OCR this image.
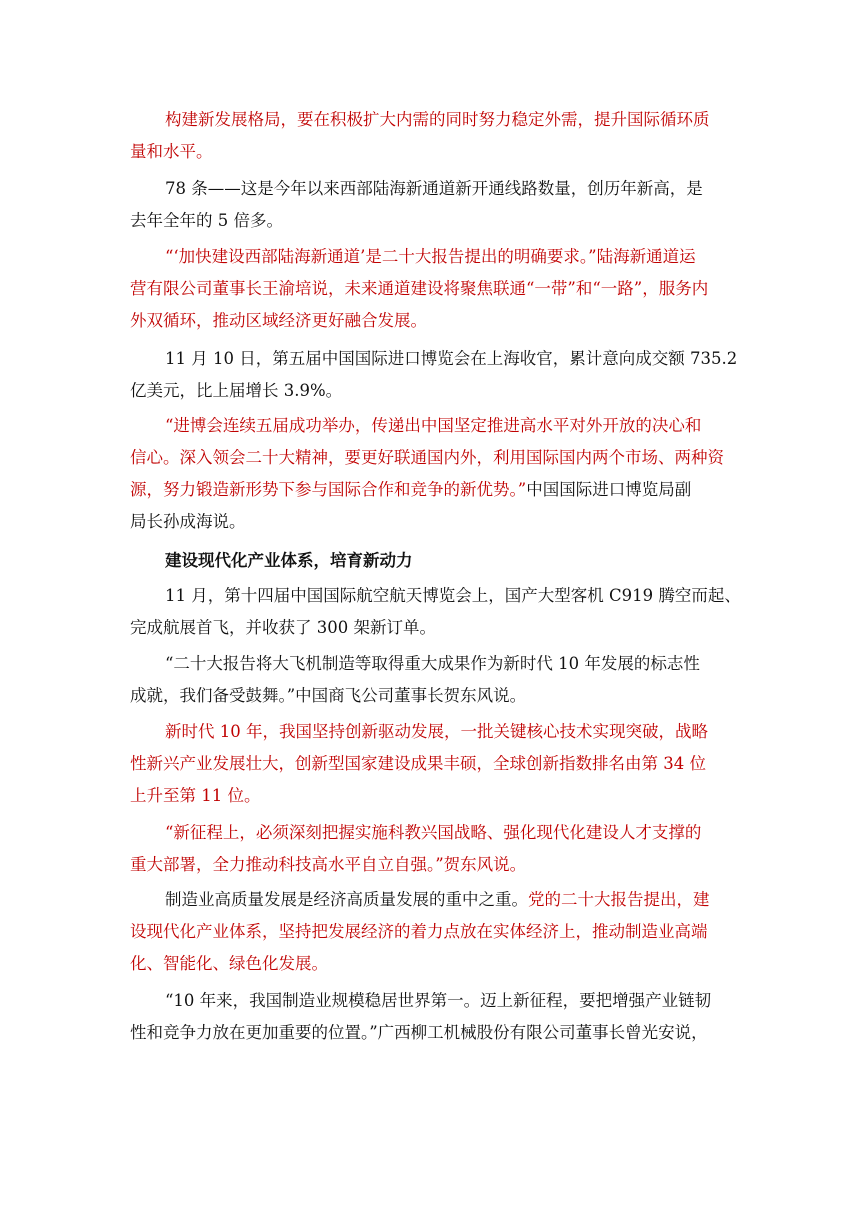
构建新发展格局，要在积极扩大内需的同时努力稳定外需，提升国际循环质
量和水平。

78 条——这是今年以来西部陆海新通道新开通线路数量，创历年新高，是
去年全年的 5 倍多。

“‘加快建设西部陆海新通道’是二十大报告提出的明确要求。”陆海新通道运
营有限公司董事长王渝培说，未来通道建设将聚焦联通“一带”和“一路”，服务内
外双循环，推动区域经济更好融合发展。

11 月 10 日，第五届中国国际进口博览会在上海收官，累计意向成交额 735.2
亿美元，比上届增长 3.9%。

“进博会连续五届成功举办，传递出中国坚定推进高水平对外开放的决心和
信心。深入领会二十大精神，要更好联通国内外，利用国际国内两个市场、两种资
源，努力锻造新形势下参与国际合作和竞争的新优势。”中国国际进口博览局副
局长孙成海说。

建设现代化产业体系，培育新动力

11 月，第十四届中国国际航空航天博览会上，国产大型客机 C919 腾空而起、
完成航展首飞，并收获了 300 架新订单。

“二十大报告将大飞机制造等取得重大成果作为新时代 10 年发展的标志性
成就，我们备受鼓舞。”中国商飞公司董事长贺东风说。

新时代 10 年，我国坚持创新驱动发展，一批关键核心技术实现突破，战略
性新兴产业发展壮大，创新型国家建设成果丰硕，全球创新指数排名由第 34 位
上升至第 11 位。

“新征程上，必须深刻把握实施科教兴国战略、强化现代化建设人才支撑的
重大部署，全力推动科技高水平自立自强。”贺东风说。

制造业高质量发展是经济高质量发展的重中之重。党的二十大报告提出，建
设现代化产业体系，坚持把发展经济的着力点放在实体经济上，推动制造业高端
化、智能化、绿色化发展。

“10 年来，我国制造业规模稳居世界第一。迈上新征程，要把增强产业链韧
性和竞争力放在更加重要的位置。”广西柳工机械股份有限公司董事长曾光安说，
